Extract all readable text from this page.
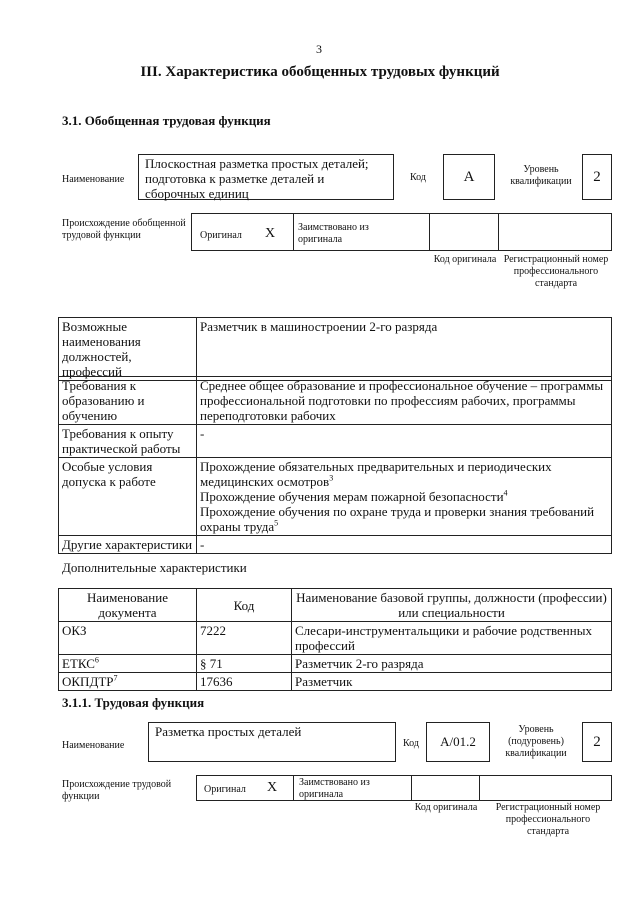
3
III. Характеристика обобщенных трудовых функций
3.1. Обобщенная трудовая функция
Наименование
Плоскостная разметка простых деталей; подготовка к разметке деталей и сборочных единиц
Код	А	Уровень квалификации	2
Происхождение обобщенной трудовой функции	Оригинал X Заимствовано из оригинала
Код оригинала Регистрационный номер профессионального стандарта
Возможные наименования должностей, профессий	Разметчик в машиностроении 2-го разряда
Требования к образованию и обучению	Среднее общее образование и профессиональное обучение – программы профессиональной подготовки по профессиям рабочих, программы переподготовки рабочих
Требования к опыту практической работы	-
Особые условия допуска к работе	Прохождение обязательных предварительных и периодических медицинских осмотров$^3$
Прохождение обучения мерам пожарной безопасности$^4$
Прохождение обучения по охране труда и проверки знания требований охраны труда$^5$

Другие характеристики	-
Дополнительные характеристики
Наименование документа	Код	Наименование базовой группы, должности (профессии) или специальности
ОКЗ	7222	Слесари-инструментальщики и рабочие родственных профессий
ЕТКС$^6$	§ 71	Разметчик 2-го разряда
ОКПДТР$^7$	17636	Разметчик
3.1.1. Трудовая функция
Наименование
Разметка простых деталей
Код	А/01.2
Уровень (подуровень) квалификации
2
Происхождение трудовой функции
Оригинал X Заимствовано из оригинала
Код оригинала	Регистрационный номер профессионального стандарта
